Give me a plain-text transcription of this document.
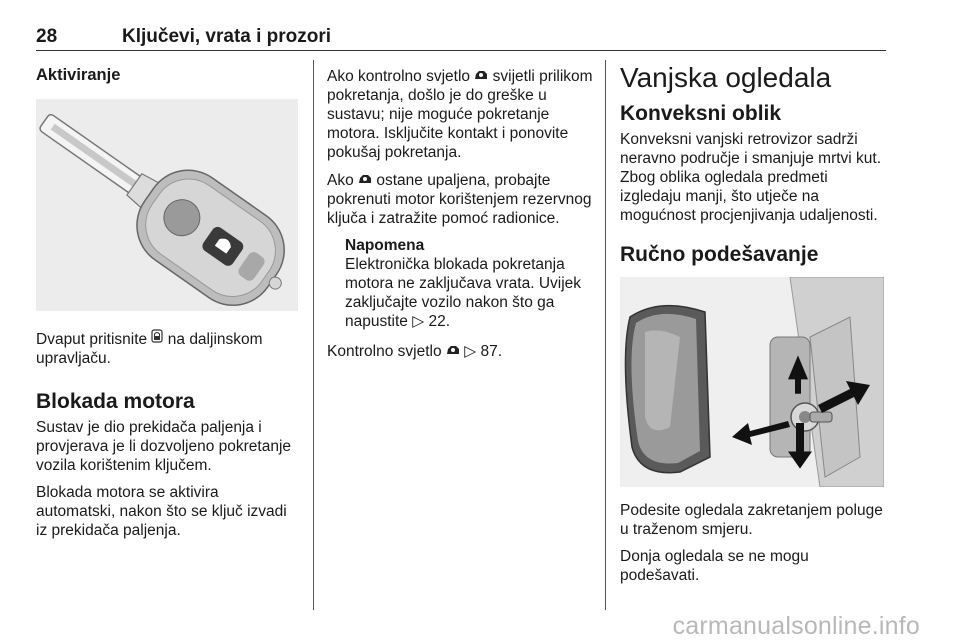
28	Ključevi, vrata i prozori
Aktiviranje

Dvaput pritisnite na daljinskom upravljaču.

Blokada motora

Sustav je dio prekidača paljenja i provjerava je li dozvoljeno pokretanje vozila korištenim ključem.

Blokada motora se aktivira automatski, nakon što se ključ izvadi iz prekidača paljenja.

Ako kontrolno svjetlo svijetli prilikom pokretanja, došlo je do greške u sustavu; nije moguće pokretanje motora. Isključite kontakt i ponovite pokušaj pokretanja.

Ako ostane upaljena, probajte pokrenuti motor korištenjem rezervnog ključa i zatražite pomoć radionice.

Napomena
Elektronička blokada pokretanja motora ne zaključava vrata. Uvijek zaključajte vozilo nakon što ga napustite ▷ 22.

Kontrolno svjetlo ▷ 87.

Vanjska ogledala
Konveksni oblik

Konveksni vanjski retrovizor sadrži neravno područje i smanjuje mrtvi kut. Zbog oblika ogledala predmeti izgledaju manji, što utječe na mogućnost procjenjivanja udaljenosti.

Ručno podešavanje

Podesite ogledala zakretanjem poluge u traženom smjeru.

Donja ogledala se ne mogu podešavati.

carmanualsonline.info
